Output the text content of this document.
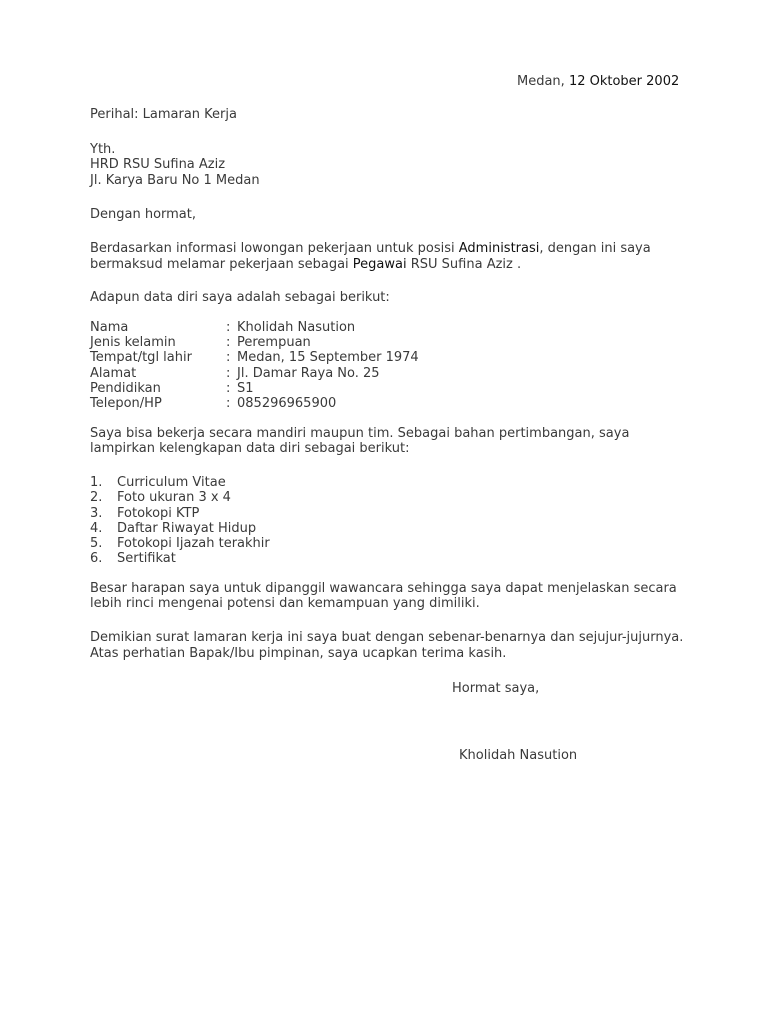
Medan, 12 Oktober 2002
Perihal: Lamaran Kerja
Yth.
HRD RSU Sufina Aziz
Jl. Karya Baru No 1 Medan
Dengan hormat,
Berdasarkan informasi lowongan pekerjaan untuk posisi Administrasi, dengan ini saya
bermaksud melamar pekerjaan sebagai Pegawai RSU Sufina Aziz .
Adapun data diri saya adalah sebagai berikut:
Nama	: Kholidah Nasution
Jenis kelamin	: Perempuan
Tempat/tgl lahir	: Medan, 15 September 1974
Alamat	: Jl. Damar Raya No. 25
Pendidikan	: S1
Telepon/HP	: 085296965900
Saya bisa bekerja secara mandiri maupun tim. Sebagai bahan pertimbangan, saya
lampirkan kelengkapan data diri sebagai berikut:
1. Curriculum Vitae
2. Foto ukuran 3 x 4
3. Fotokopi KTP
4. Daftar Riwayat Hidup
5. Fotokopi Ijazah terakhir
6. Sertifikat
Besar harapan saya untuk dipanggil wawancara sehingga saya dapat menjelaskan secara
lebih rinci mengenai potensi dan kemampuan yang dimiliki.
Demikian surat lamaran kerja ini saya buat dengan sebenar-benarnya dan sejujur-jujurnya.
Atas perhatian Bapak/Ibu pimpinan, saya ucapkan terima kasih.
Hormat saya,
Kholidah Nasution
